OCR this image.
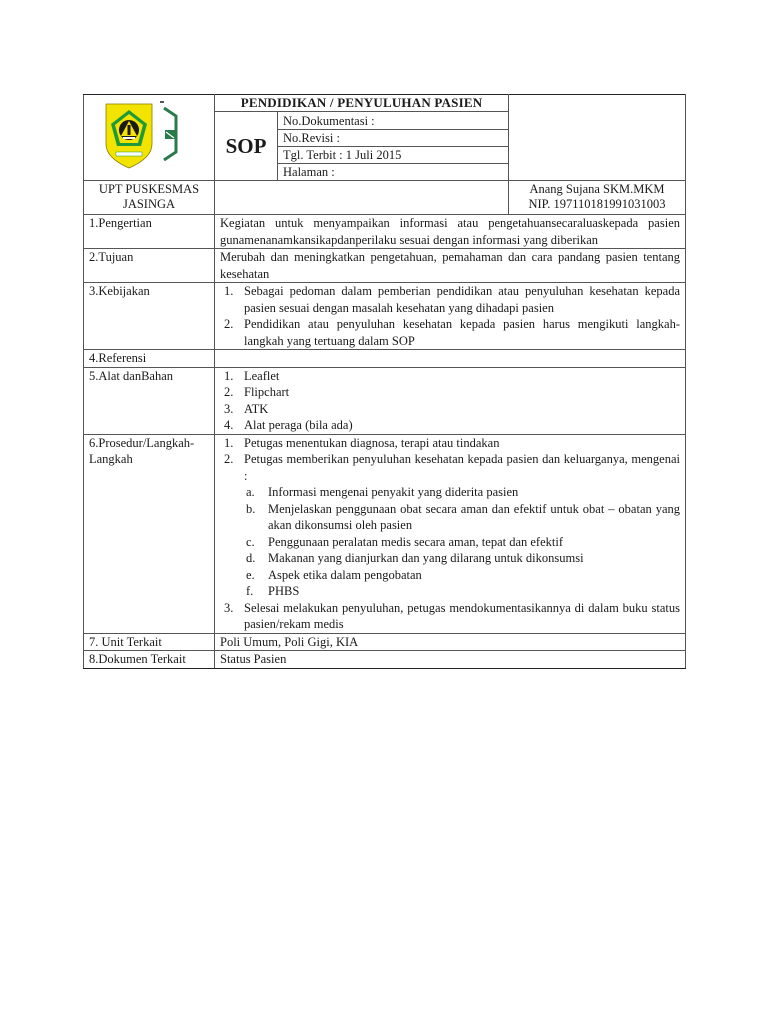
	PENDIDIKAN / PENYULUHAN PASIEN		
	SOP	No.Dokumentasi :	
		No.Revisi :	
		Tgl. Terbit : 1 Juli 2015	
		Halaman :	

UPT PUSKESMAS
JASINGA

Anang Sujana SKM.MKM
NIP. 197110181991031003

1.Pengertian	Kegiatan untuk menyampaikan informasi atau pengetahuansecaraluaskepada pasien gunamenanamkansikapdanperilaku sesuai dengan informasi yang diberikan		
2.Tujuan	Merubah dan meningkatkan pengetahuan, pemahaman dan cara pandang pasien tentang kesehatan		
3.Kebijakan	1. Sebagai pedoman dalam pemberian pendidikan atau penyuluhan kesehatan kepada pasien sesuai dengan masalah kesehatan yang dihadapi pasien
2. Pendidikan atau penyuluhan kesehatan kepada pasien harus mengikuti langkah-langkah yang tertuang dalam SOP

4.Referensi			
5.Alat danBahan	1. Leaflet
2. Flipchart
3. ATK
4. Alat peraga (bila ada)

6.Prosedur/Langkah-Langkah	
1. Petugas menentukan diagnosa, terapi atau tindakan
2. Petugas memberikan penyuluhan kesehatan kepada pasien dan keluarganya, mengenai :
a.	Informasi mengenai penyakit yang diderita pasien
b.	Menjelaskan penggunaan obat secara aman dan efektif untuk obat – obatan yang akan dikonsumsi oleh pasien
c.	Penggunaan peralatan medis secara aman, tepat dan efektif
d.	Makanan yang dianjurkan dan yang dilarang untuk dikonsumsi
e.	Aspek etika dalam pengobatan
f.	PHBS
3. Selesai melakukan penyuluhan, petugas mendokumentasikannya di dalam buku status pasien/rekam medis

7. Unit Terkait	Poli Umum, Poli Gigi, KIA		
8.Dokumen Terkait	Status Pasien		
